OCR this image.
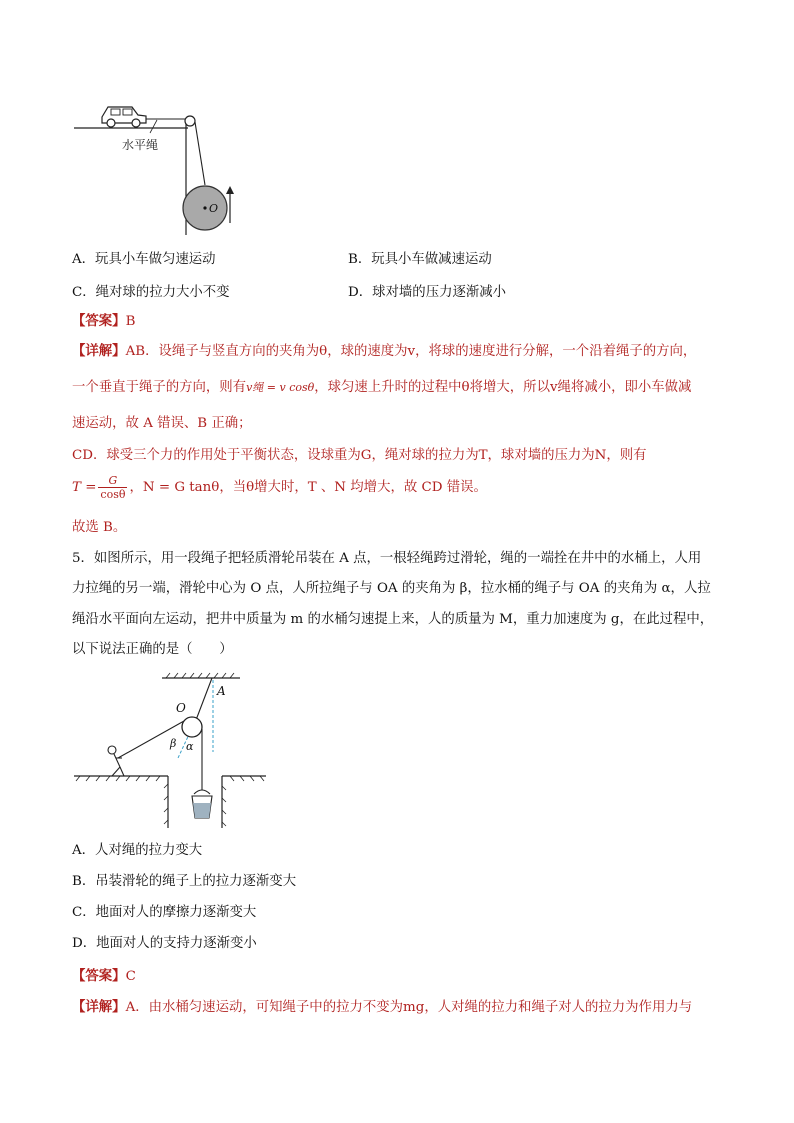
水平绳
O
A．玩具小车做匀速运动	B．玩具小车做减速运动
C．绳对球的拉力大小不变	D．球对墙的压力逐渐减小
【答案】B
【详解】AB．设绳子与竖直方向的夹角为θ，球的速度为v，将球的速度进行分解，一个沿着绳子的方向，
一个垂直于绳子的方向，则有v绳 = v cosθ，球匀速上升时的过程中θ将增大，所以v绳将减小，即小车做减
速运动，故 A 错误、B 正确；
CD．球受三个力的作用处于平衡状态，设球重为G，绳对球的拉力为T，球对墙的压力为N，则有
$T = \frac{G}{\cos\theta}$ ，N = G tanθ，当θ增大时，T 、N 均增大，故 CD 错误。
故选 B。
5．如图所示，用一段绳子把轻质滑轮吊装在 A 点，一根轻绳跨过滑轮，绳的一端拴在井中的水桶上，人用
力拉绳的另一端，滑轮中心为 O 点，人所拉绳子与 OA 的夹角为 β，拉水桶的绳子与 OA 的夹角为 α，人拉
绳沿水平面向左运动，把井中质量为 m 的水桶匀速提上来，人的质量为 M，重力加速度为 g，在此过程中，
以下说法正确的是（　　）
A
O
β α
A．人对绳的拉力变大
B．吊装滑轮的绳子上的拉力逐渐变大
C．地面对人的摩擦力逐渐变大
D．地面对人的支持力逐渐变小
【答案】C
【详解】A．由水桶匀速运动，可知绳子中的拉力不变为mg，人对绳的拉力和绳子对人的拉力为作用力与
